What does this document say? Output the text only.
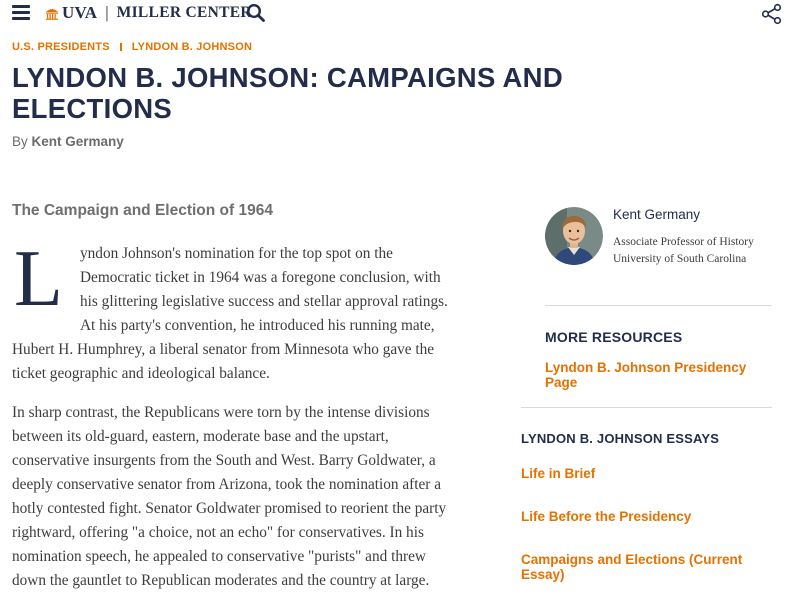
UVA | MILLER CENTER
U.S. PRESIDENTS LYNDON B. JOHNSON
LYNDON B. JOHNSON: CAMPAIGNS AND ELECTIONS
By Kent Germany
The Campaign and Election of 1964

L	yndon Johnson's nomination for the top spot on the Democratic ticket in 1964 was a foregone conclusion, with his glittering legislative success and stellar approval ratings. At his party's convention, he introduced his running mate, Hubert H. Humphrey, a liberal senator from Minnesota who gave the ticket geographic and ideological balance.

In sharp contrast, the Republicans were torn by the intense divisions between its old-guard, eastern, moderate base and the upstart, conservative insurgents from the South and West. Barry Goldwater, a deeply conservative senator from Arizona, took the nomination after a hotly contested fight. Senator Goldwater promised to reorient the party rightward, offering "a choice, not an echo" for conservatives. In his nomination speech, he appealed to conservative "purists" and threw down the gauntlet to Republican moderates and the country at large.

Kent Germany
Associate Professor of History
University of South Carolina
MORE RESOURCES
Lyndon B. Johnson Presidency Page
LYNDON B. JOHNSON ESSAYS
Life in Brief
Life Before the Presidency
Campaigns and Elections (Current Essay)
